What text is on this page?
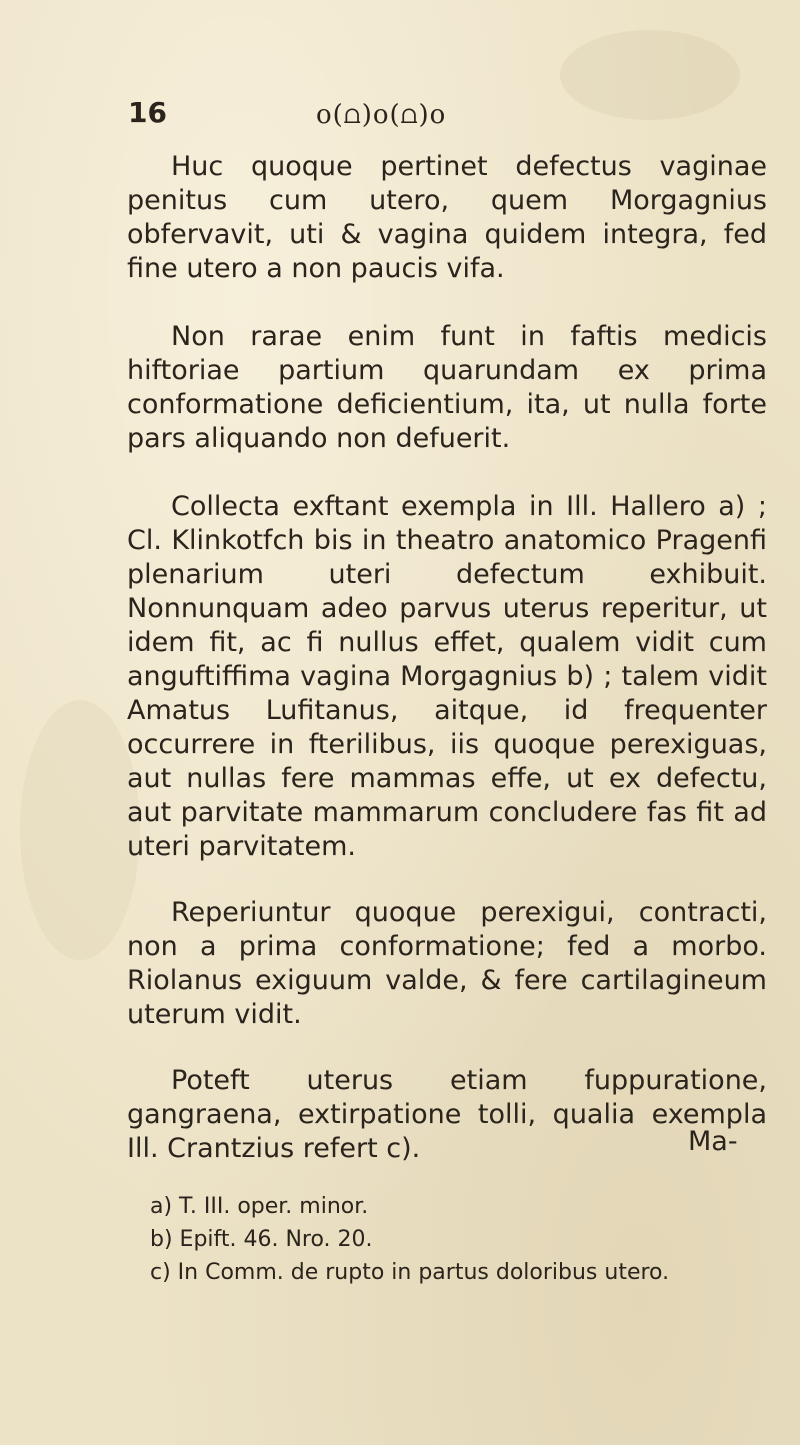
16	o(⩍)o(⩍)o

Huc quoque pertinet defectus vaginae penitus cum utero, quem Morgagnius obfervavit, uti & vagina quidem integra, fed fine utero a non paucis vifa.

Non rarae enim funt in faftis medicis hiftoriae partium quarundam ex prima conformatione deficientium, ita, ut nulla forte pars aliquando non defuerit.

Collecta exftant exempla in Ill. Hallero a) ; Cl. Klinkotfch bis in theatro anatomico Pragenfi plenarium uteri defectum exhibuit. Nonnunquam adeo parvus uterus reperitur, ut idem fit, ac fi nullus effet, qualem vidit cum anguftiffima vagina Morgagnius b) ; talem vidit Amatus Lufitanus, aitque, id frequenter occurrere in fterilibus, iis quoque perexiguas, aut nullas fere mammas effe, ut ex defectu, aut parvitate mammarum concludere fas fit ad uteri parvitatem.

Reperiuntur quoque perexigui, contracti, non a prima conformatione; fed a morbo. Riolanus exiguum valde, & fere cartilagineum uterum vidit.

Poteft uterus etiam fuppuratione, gangraena, extirpatione tolli, qualia exempla Ill. Crantzius refert c).	Ma-

a) T. III. oper. minor.

b) Epift. 46. Nro. 20.

c) In Comm. de rupto in partus doloribus utero.
